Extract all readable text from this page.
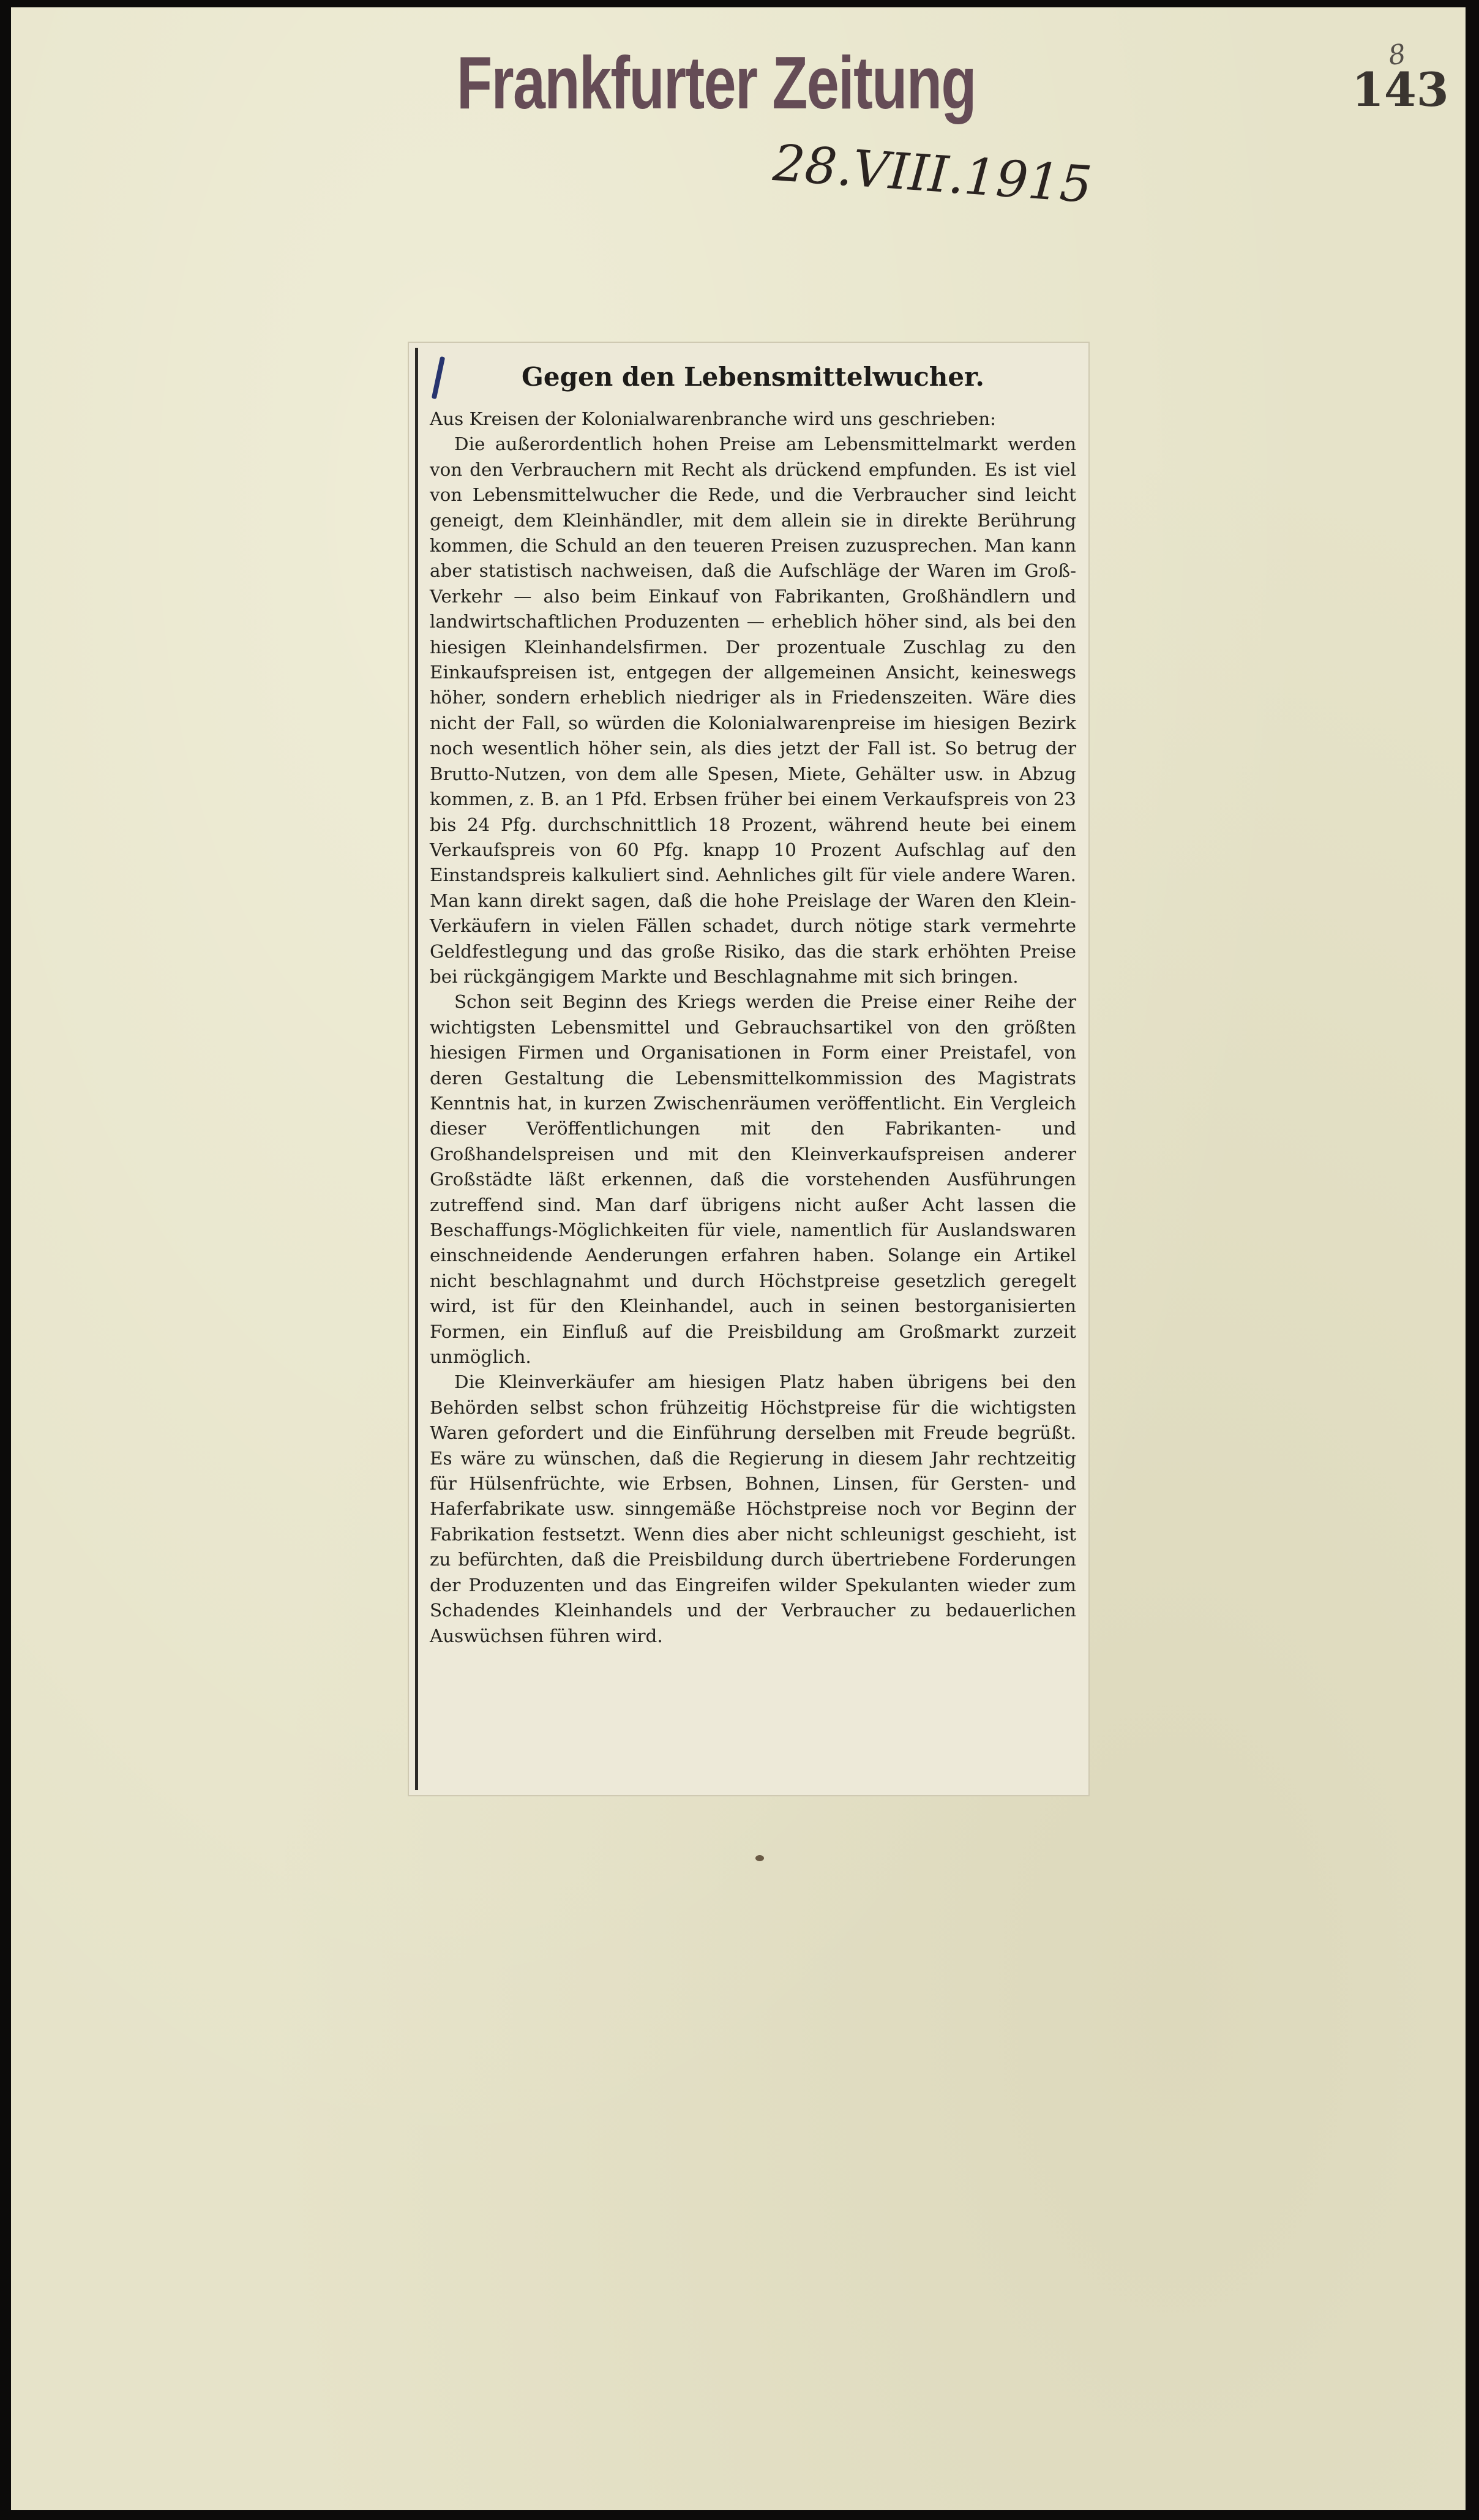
Frankfurter Zeitung
28.VIII.1915
8
143
Gegen den Lebensmittelwucher.

Aus Kreisen der Kolonialwarenbranche wird uns geschrieben:

Die außerordentlich hohen Preise am Lebensmittelmarkt werden von den Verbrauchern mit Recht als drückend empfunden. Es ist viel von Lebensmittelwucher die Rede, und die Verbraucher sind leicht geneigt, dem Kleinhändler, mit dem allein sie in direkte Berührung kommen, die Schuld an den teueren Preisen zuzusprechen. Man kann aber statistisch nachweisen, daß die Aufschläge der Waren im Groß-Verkehr — also beim Einkauf von Fabrikanten, Großhändlern und landwirtschaftlichen Produzenten — erheblich höher sind, als bei den hiesigen Kleinhandelsfirmen. Der prozentuale Zuschlag zu den Einkaufspreisen ist, entgegen der allgemeinen Ansicht, keineswegs höher, sondern erheblich niedriger als in Friedenszeiten. Wäre dies nicht der Fall, so würden die Kolonialwarenpreise im hiesigen Bezirk noch wesentlich höher sein, als dies jetzt der Fall ist. So betrug der Brutto-Nutzen, von dem alle Spesen, Miete, Gehälter usw. in Abzug kommen, z. B. an 1 Pfd. Erbsen früher bei einem Verkaufspreis von 23 bis 24 Pfg. durchschnittlich 18 Prozent, während heute bei einem Verkaufspreis von 60 Pfg. knapp 10 Prozent Aufschlag auf den Einstandspreis kalkuliert sind. Aehnliches gilt für viele andere Waren. Man kann direkt sagen, daß die hohe Preislage der Waren den Klein-Verkäufern in vielen Fällen schadet, durch nötige stark vermehrte Geldfestlegung und das große Risiko, das die stark erhöhten Preise bei rückgängigem Markte und Beschlagnahme mit sich bringen.

Schon seit Beginn des Kriegs werden die Preise einer Reihe der wichtigsten Lebensmittel und Gebrauchsartikel von den größten hiesigen Firmen und Organisationen in Form einer Preistafel, von deren Gestaltung die Lebensmittelkommission des Magistrats Kenntnis hat, in kurzen Zwischenräumen veröffentlicht. Ein Vergleich dieser Veröffentlichungen mit den Fabrikanten- und Großhandelspreisen und mit den Kleinverkaufspreisen anderer Großstädte läßt erkennen, daß die vorstehenden Ausführungen zutreffend sind. Man darf übrigens nicht außer Acht lassen die Beschaffungs-Möglichkeiten für viele, namentlich für Auslandswaren einschneidende Aenderungen erfahren haben. Solange ein Artikel nicht beschlagnahmt und durch Höchstpreise gesetzlich geregelt wird, ist für den Kleinhandel, auch in seinen bestorganisierten Formen, ein Einfluß auf die Preisbildung am Großmarkt zurzeit unmöglich.

Die Kleinverkäufer am hiesigen Platz haben übrigens bei den Behörden selbst schon frühzeitig Höchstpreise für die wichtigsten Waren gefordert und die Einführung derselben mit Freude begrüßt. Es wäre zu wünschen, daß die Regierung in diesem Jahr rechtzeitig für Hülsenfrüchte, wie Erbsen, Bohnen, Linsen, für Gersten- und Haferfabrikate usw. sinngemäße Höchstpreise noch vor Beginn der Fabrikation festsetzt. Wenn dies aber nicht schleunigst geschieht, ist zu befürchten, daß die Preisbildung durch übertriebene Forderungen der Produzenten und das Eingreifen wilder Spekulanten wieder zum Schadendes Kleinhandels und der Verbraucher zu bedauerlichen Auswüchsen führen wird.
